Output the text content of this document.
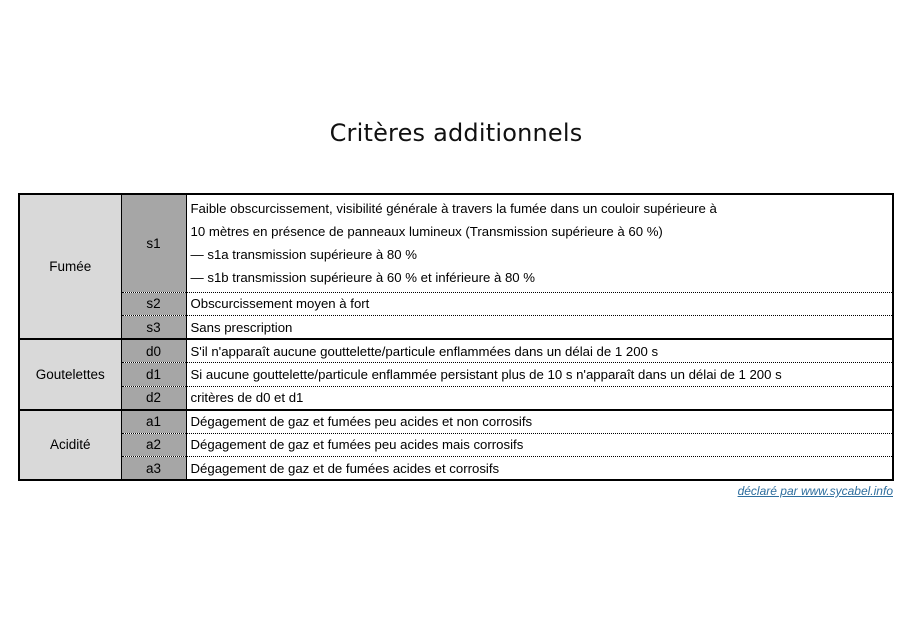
Critères additionnels
Fumée	s1	Faible obscurcissement, visibilité générale à travers la fumée dans un couloir supérieure à
10 mètres en présence de panneaux lumineux (Transmission supérieure à 60 %)
— s1a transmission supérieure à 80 %
— s1b transmission supérieure à 60 % et inférieure à 80 %

	s2	Obscurcissement moyen à fort
	s3	Sans prescription
Goutelettes	d0	S'il n'apparaît aucune gouttelette/particule enflammées dans un délai de 1 200 s
	d1	Si aucune gouttelette/particule enflammée persistant plus de 10 s n'apparaît dans un délai de 1 200 s
	d2	critères de d0 et d1
Acidité	a1	Dégagement de gaz et fumées peu acides et non corrosifs
	a2	Dégagement de gaz et fumées peu acides mais corrosifs
	a3	Dégagement de gaz et de fumées acides et corrosifs
déclaré par www.sycabel.info
